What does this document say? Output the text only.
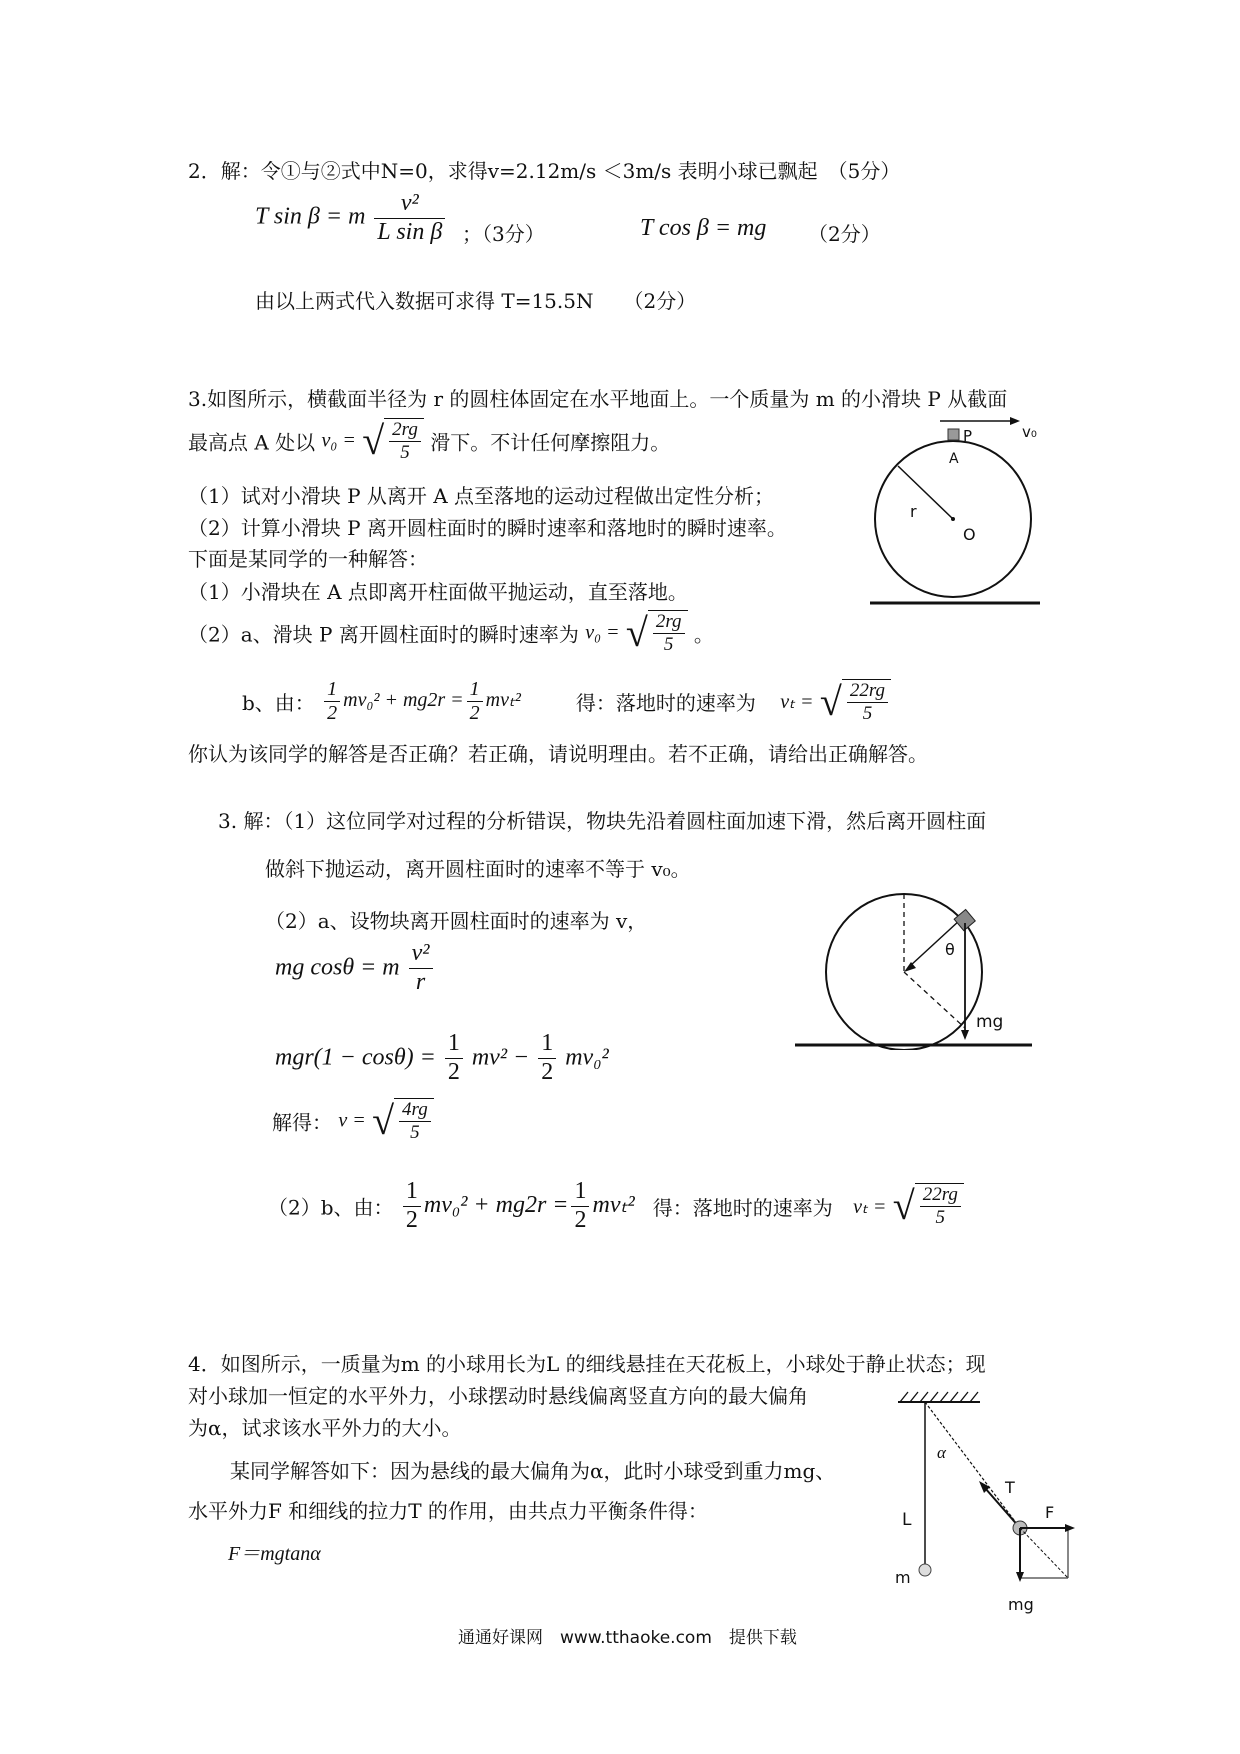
2．解：令①与②式中N=0，求得v=2.12m/s ＜3m/s 表明小球已飘起　（5分）
T sin β = m $\frac{\text{v²}}{\text{L sin β}}$ ；（3分）	T cos β = mg （2分）
由以上两式代入数据可求得 T=15.5N　　（2分）
3.如图所示，横截面半径为 r 的圆柱体固定在水平地面上。一个质量为 m 的小滑块 P 从截面
最高点 A 处以 v₀ = √ $\frac{2rg}{5}$ 滑下。不计任何摩擦阻力。
（1）试对小滑块 P 从离开 A 点至落地的运动过程做出定性分析；
（2）计算小滑块 P 离开圆柱面时的瞬时速率和落地时的瞬时速率。
下面是某同学的一种解答：
（1）小滑块在 A 点即离开柱面做平抛运动，直至落地。
（2）a、滑块 P 离开圆柱面时的瞬时速率为 v₀ = √ $\frac{2rg}{5}$ 。
b、由： $\frac{1}{2} mv_0^2 + mg2r = \frac{1}{2} mv_t^2$	得：落地时的速率为 vₜ = √ $\frac{22rg}{5}$
你认为该同学的解答是否正确？若正确，请说明理由。若不正确，请给出正确解答。
v₀
P
A
r
O
3. 解：（1）这位同学对过程的分析错误，物块先沿着圆柱面加速下滑，然后离开圆柱面
做斜下抛运动，离开圆柱面时的速率不等于 v₀。
（2）a、设物块离开圆柱面时的速率为 v，
mg cosθ = m $\frac{\text{v²}}{r}$
$mgr(1 - \cos\theta) = \frac{1}{2} mv^2 - \frac{1}{2} mv_0^2$
解得： v = √ $\frac{4rg}{5}$
（2）b、由： $\frac{1}{2} mv_0^2 + mg2r = \frac{1}{2} mv_t^2$ 得：落地时的速率为 vₜ = √ $\frac{22rg}{5}$
θ
mg
4．如图所示，一质量为m 的小球用长为L 的细线悬挂在天花板上，小球处于静止状态；现
对小球加一恒定的水平外力，小球摆动时悬线偏离竖直方向的最大偏角
为α，试求该水平外力的大小。
某同学解答如下：因为悬线的最大偏角为α，此时小球受到重力mg、
水平外力F 和细线的拉力T 的作用，由共点力平衡条件得：
F＝mgtanα
α
L
T
F
m
mg
通通好课网　www.tthaoke.com　提供下载
